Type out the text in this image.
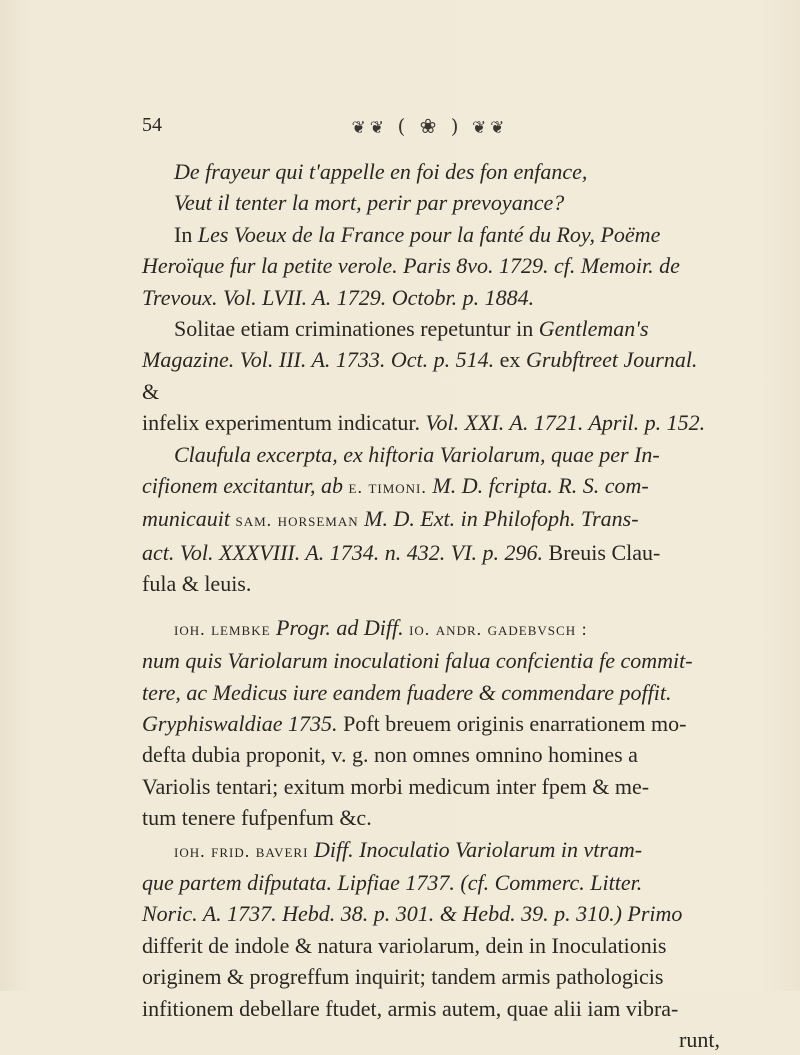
54	❦❦ ( ❀ ) ❦❦

De frayeur qui t'appelle en foi des fon enfance,

Veut il tenter la mort, perir par prevoyance?

In Les Voeux de la France pour la fanté du Roy, Poëme

Heroïque fur la petite verole. Paris 8vo. 1729. cf. Memoir. de

Trevoux. Vol. LVII. A. 1729. Octobr. p. 1884.

Solitae etiam criminationes repetuntur in Gentleman's

Magazine. Vol. III. A. 1733. Oct. p. 514. ex Grubftreet Journal. &

infelix experimentum indicatur. Vol. XXI. A. 1721. April. p. 152.

Claufula excerpta, ex hiftoria Variolarum, quae per In-

cifionem excitantur, ab e. timoni. M. D. fcripta. R. S. com-

municauit sam. horseman M. D. Ext. in Philofoph. Trans-

act. Vol. XXXVIII. A. 1734. n. 432. VI. p. 296. Breuis Clau-

fula & leuis.

ioh. lembke Progr. ad Diff. io. andr. gadebvsch :

num quis Variolarum inoculationi falua confcientia fe commit-

tere, ac Medicus iure eandem fuadere & commendare poffit.

Gryphiswaldiae 1735. Poft breuem originis enarrationem mo-

defta dubia proponit, v. g. non omnes omnino homines a

Variolis tentari; exitum morbi medicum inter fpem & me-

tum tenere fufpenfum &c.

ioh. frid. baveri Diff. Inoculatio Variolarum in vtram-

que partem difputata. Lipfiae 1737. (cf. Commerc. Litter.

Noric. A. 1737. Hebd. 38. p. 301. & Hebd. 39. p. 310.) Primo

differit de indole & natura variolarum, dein in Inoculationis

originem & progreffum inquirit; tandem armis pathologicis

infitionem debellare ftudet, armis autem, quae alii iam vibra-

runt,
